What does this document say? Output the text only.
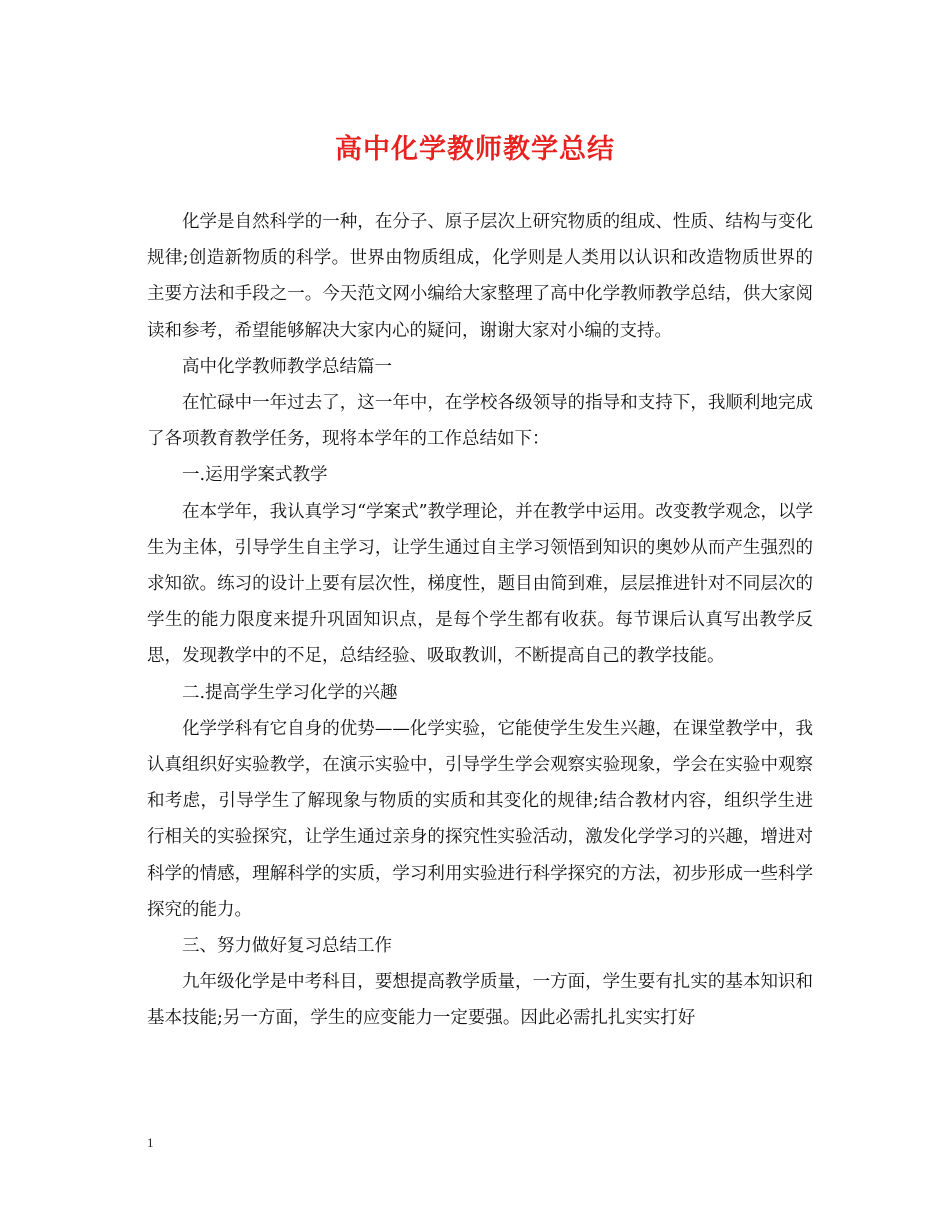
高中化学教师教学总结

化学是自然科学的一种，在分子、原子层次上研究物质的组成、性质、结构与变化规律;创造新物质的科学。世界由物质组成，化学则是人类用以认识和改造物质世界的主要方法和手段之一。今天范文网小编给大家整理了高中化学教师教学总结，供大家阅读和参考，希望能够解决大家内心的疑问，谢谢大家对小编的支持。

高中化学教师教学总结篇一

在忙碌中一年过去了，这一年中，在学校各级领导的指导和支持下，我顺利地完成了各项教育教学任务，现将本学年的工作总结如下：

一.运用学案式教学

在本学年，我认真学习“学案式”教学理论，并在教学中运用。改变教学观念，以学生为主体，引导学生自主学习，让学生通过自主学习领悟到知识的奥妙从而产生强烈的求知欲。练习的设计上要有层次性，梯度性，题目由简到难，层层推进针对不同层次的学生的能力限度来提升巩固知识点，是每个学生都有收获。每节课后认真写出教学反思，发现教学中的不足，总结经验、吸取教训，不断提高自己的教学技能。

二.提高学生学习化学的兴趣

化学学科有它自身的优势——化学实验，它能使学生发生兴趣，在课堂教学中，我认真组织好实验教学，在演示实验中，引导学生学会观察实验现象，学会在实验中观察和考虑，引导学生了解现象与物质的实质和其变化的规律;结合教材内容，组织学生进行相关的实验探究，让学生通过亲身的探究性实验活动，激发化学学习的兴趣，增进对科学的情感，理解科学的实质，学习利用实验进行科学探究的方法，初步形成一些科学探究的能力。

三、努力做好复习总结工作

九年级化学是中考科目，要想提高教学质量，一方面，学生要有扎实的基本知识和基本技能;另一方面，学生的应变能力一定要强。因此必需扎扎实实打好

1
